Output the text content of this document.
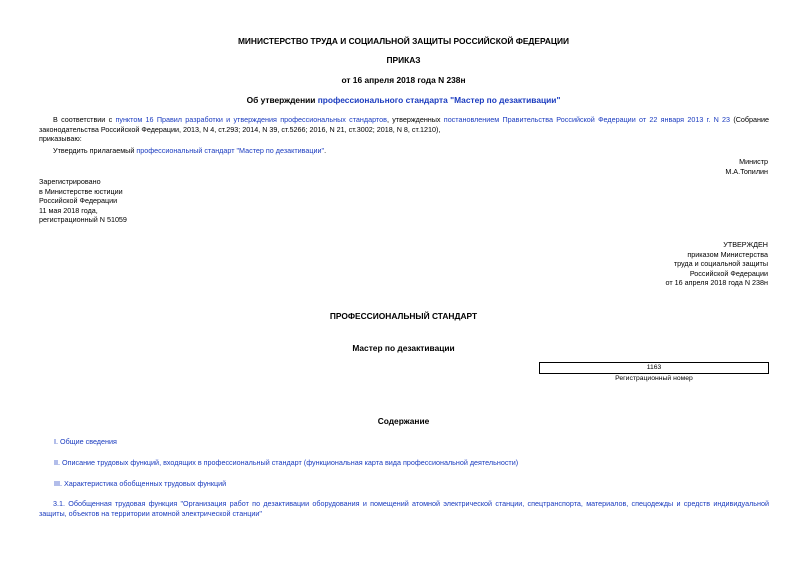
МИНИСТЕРСТВО ТРУДА И СОЦИАЛЬНОЙ ЗАЩИТЫ РОССИЙСКОЙ ФЕДЕРАЦИИ
ПРИКАЗ
от 16 апреля 2018 года N 238н
Об утверждении профессионального стандарта "Мастер по дезактивации"
В соответствии с пунктом 16 Правил разработки и утверждения профессиональных стандартов, утвержденных постановлением Правительства Российской Федерации от 22 января 2013 г. N 23 (Собрание законодательства Российской Федерации, 2013, N 4, ст.293; 2014, N 39, ст.5266; 2016, N 21, ст.3002; 2018, N 8, ст.1210),
приказываю:
Утвердить прилагаемый профессиональный стандарт "Мастер по дезактивации".
Министр
М.А.Топилин
Зарегистрировано
в Министерстве юстиции
Российской Федерации
11 мая 2018 года,
регистрационный N 51059
УТВЕРЖДЕН
приказом Министерства
труда и социальной защиты
Российской Федерации
от 16 апреля 2018 года N 238н
ПРОФЕССИОНАЛЬНЫЙ СТАНДАРТ
Мастер по дезактивации
1163
Регистрационный номер
Содержание
I. Общие сведения
II. Описание трудовых функций, входящих в профессиональный стандарт (функциональная карта вида профессиональной деятельности)
III. Характеристика обобщенных трудовых функций
3.1. Обобщенная трудовая функция "Организация работ по дезактивации оборудования и помещений атомной электрической станции, спецтранспорта, материалов, спецодежды и средств индивидуальной защиты, объектов на территории атомной электрической станции"
